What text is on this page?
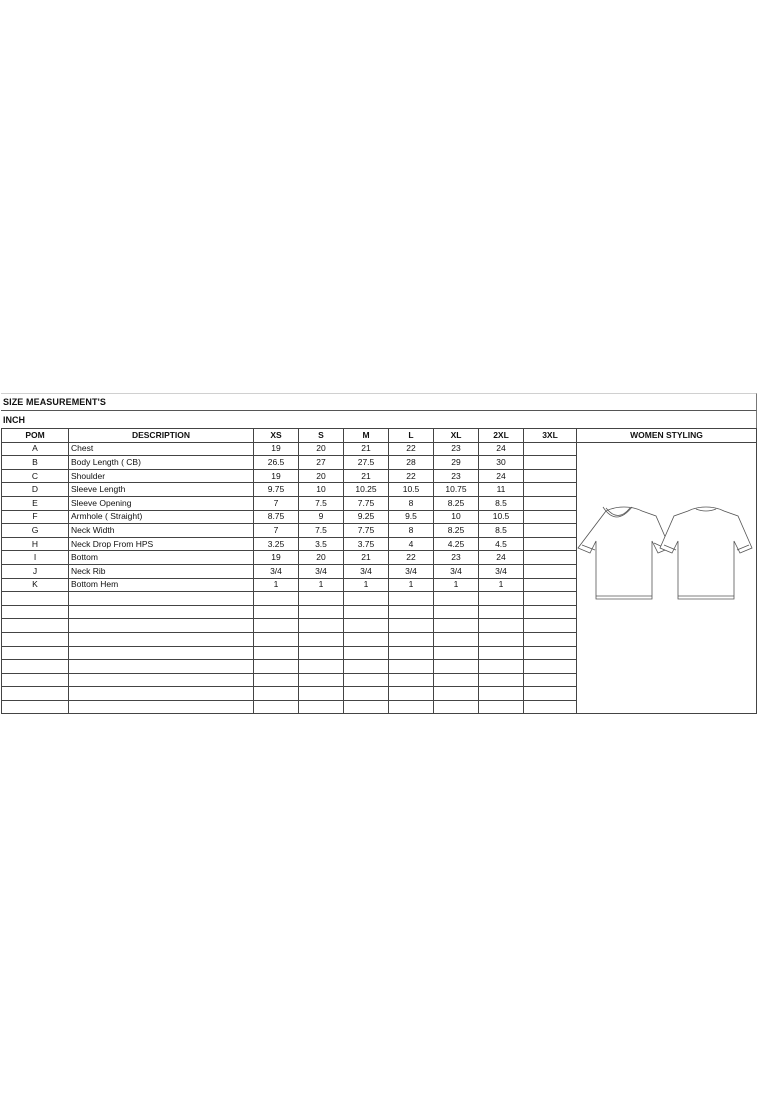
SIZE MEASUREMENT'S
INCH
POM	DESCRIPTION	XS	S	M	L	XL	2XL	3XL	WOMEN STYLING
A	Chest	19	20	21	22	23	24		
B	Body Length ( CB)	26.5	27	27.5	28	29	30		
C	Shoulder	19	20	21	22	23	24		
D	Sleeve Length	9.75	10	10.25	10.5	10.75	11		
E	Sleeve Opening	7	7.5	7.75	8	8.25	8.5		
F	Armhole ( Straight)	8.75	9	9.25	9.5	10	10.5		
G	Neck Width	7	7.5	7.75	8	8.25	8.5		
H	Neck Drop From HPS	3.25	3.5	3.75	4	4.25	4.5		
I	Bottom	19	20	21	22	23	24		
J	Neck Rib	3/4	3/4	3/4	3/4	3/4	3/4		
K	Bottom Hem	1	1	1	1	1	1		
